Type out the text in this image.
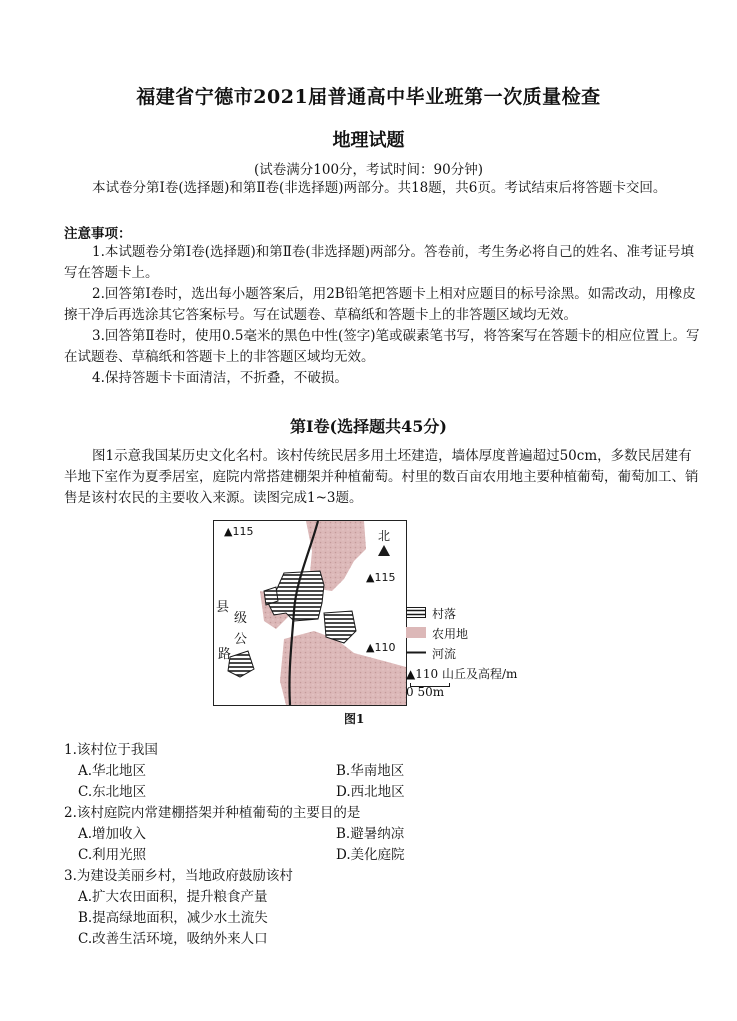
福建省宁德市2021届普通高中毕业班第一次质量检查
地理试题
(试卷满分100分，考试时间：90分钟)
本试卷分第Ⅰ卷(选择题)和第Ⅱ卷(非选择题)两部分。共18题，共6页。考试结束后将答题卡交回。
注意事项：
1.本试题卷分第Ⅰ卷(选择题)和第Ⅱ卷(非选择题)两部分。答卷前，考生务必将自己的姓名、准考证号填写在答题卡上。
2.回答第Ⅰ卷时，选出每小题答案后，用2B铅笔把答题卡上相对应题目的标号涂黑。如需改动，用橡皮擦干净后再选涂其它答案标号。写在试题卷、草稿纸和答题卡上的非答题区域均无效。
3.回答第Ⅱ卷时，使用0.5毫米的黑色中性(签字)笔或碳素笔书写，将答案写在答题卡的相应位置上。写在试题卷、草稿纸和答题卡上的非答题区域均无效。
4.保持答题卡卡面清洁，不折叠，不破损。
第Ⅰ卷(选择题共45分)
图1示意我国某历史文化名村。该村传统民居多用土坯建造，墙体厚度普遍超过50cm，多数民居建有半地下室作为夏季居室，庭院内常搭建棚架并种植葡萄。村里的数百亩农用地主要种植葡萄，葡萄加工、销售是该村农民的主要收入来源。读图完成1~3题。
▲115
▲115
▲110
北
县
级
公
路
村落
农用地
河流
▲110 山丘及高程/m
0 50m
图1
1.该村位于我国
A.华北地区	B.华南地区
C.东北地区	D.西北地区
2.该村庭院内常建棚搭架并种植葡萄的主要目的是
A.增加收入	B.避暑纳凉
C.利用光照	D.美化庭院
3.为建设美丽乡村，当地政府鼓励该村
A.扩大农田面积，提升粮食产量
B.提高绿地面积，减少水土流失
C.改善生活环境，吸纳外来人口
